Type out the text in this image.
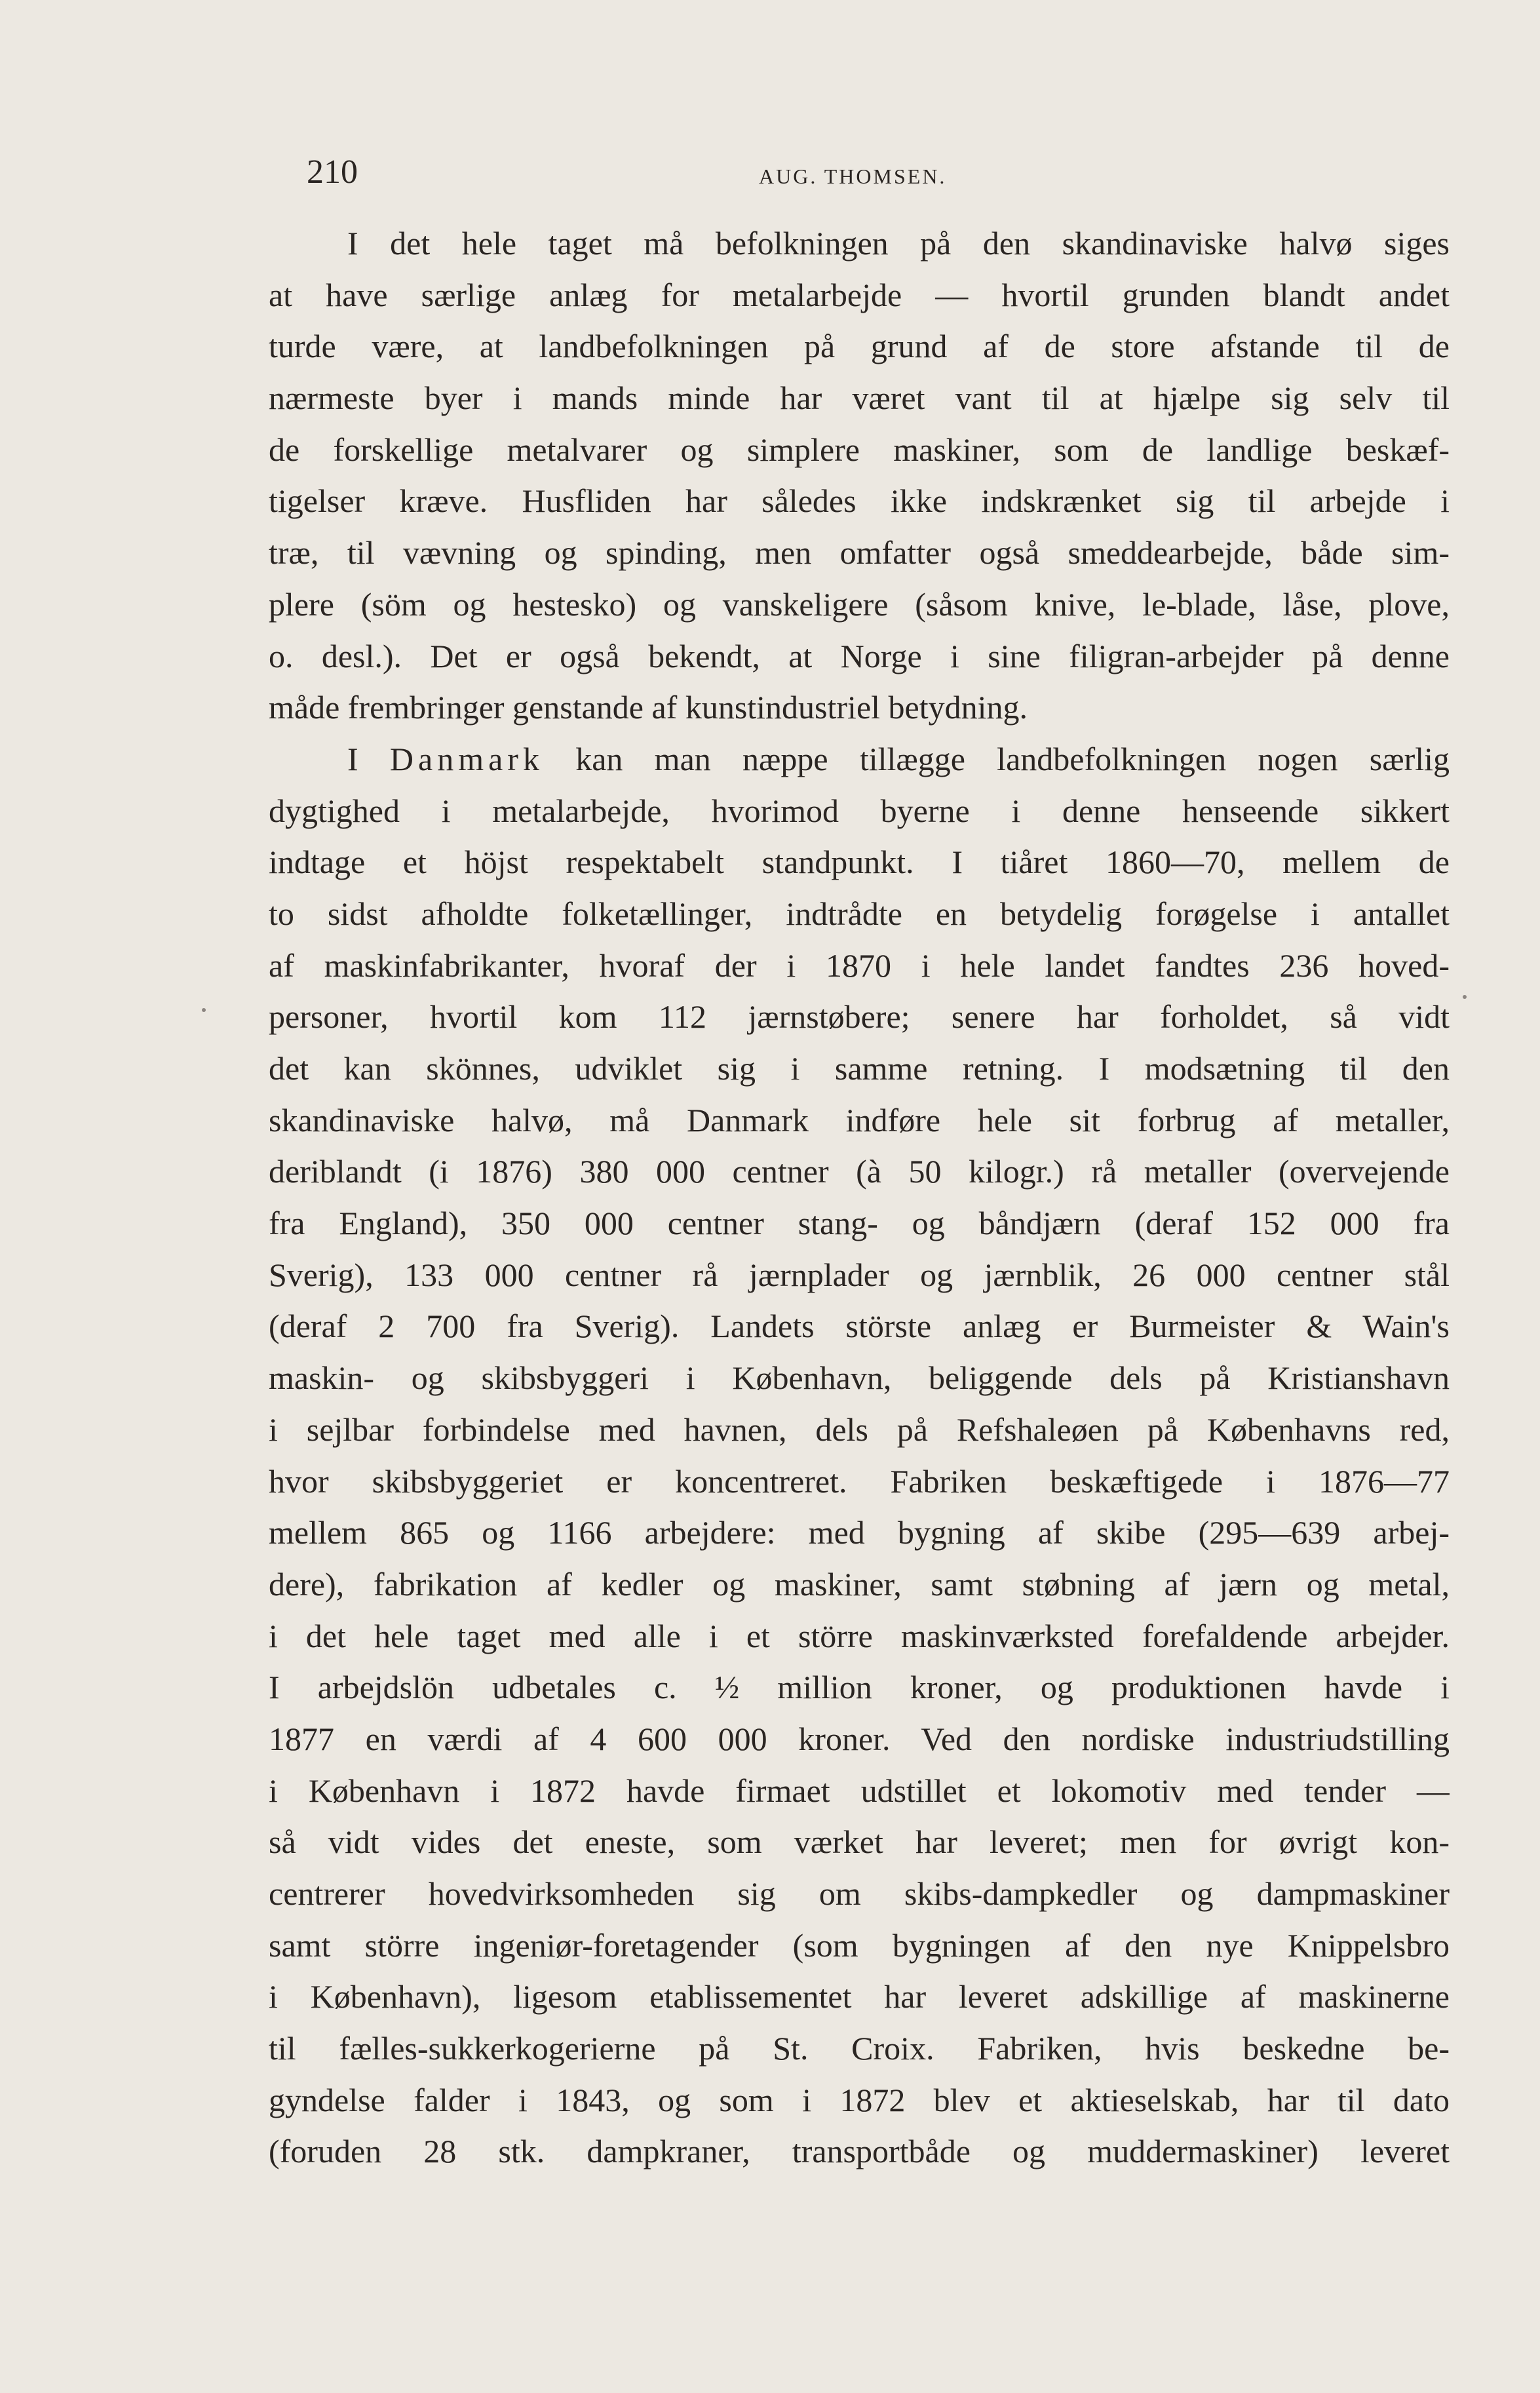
210	AUG. THOMSEN.
I det hele taget må befolkningen på den skandinaviske halvø siges
at have særlige anlæg for metalarbejde — hvortil grunden blandt andet
turde være, at landbefolkningen på grund af de store afstande til de
nærmeste byer i mands minde har været vant til at hjælpe sig selv til
de forskellige metalvarer og simplere maskiner, som de landlige beskæf-
tigelser kræve. Husfliden har således ikke indskrænket sig til arbejde i
træ, til vævning og spinding, men omfatter også smeddearbejde, både sim-
plere (söm og hestesko) og vanskeligere (såsom knive, le-blade, låse, plove,
o. desl.). Det er også bekendt, at Norge i sine filigran-arbejder på denne
måde frembringer genstande af kunstindustriel betydning.
I Danmark kan man næppe tillægge landbefolkningen nogen særlig
dygtighed i metalarbejde, hvorimod byerne i denne henseende sikkert
indtage et höjst respektabelt standpunkt. I tiåret 1860—70, mellem de
to sidst afholdte folketællinger, indtrådte en betydelig forøgelse i antallet
af maskinfabrikanter, hvoraf der i 1870 i hele landet fandtes 236 hoved-
personer, hvortil kom 112 jærnstøbere; senere har forholdet, så vidt
det kan skönnes, udviklet sig i samme retning. I modsætning til den
skandinaviske halvø, må Danmark indføre hele sit forbrug af metaller,
deriblandt (i 1876) 380 000 centner (à 50 kilogr.) rå metaller (overvejende
fra England), 350 000 centner stang- og båndjærn (deraf 152 000 fra
Sverig), 133 000 centner rå jærnplader og jærnblik, 26 000 centner stål
(deraf 2 700 fra Sverig). Landets störste anlæg er Burmeister & Wain's
maskin- og skibsbyggeri i København, beliggende dels på Kristianshavn
i sejlbar forbindelse med havnen, dels på Refshaleøen på Københavns red,
hvor skibsbyggeriet er koncentreret. Fabriken beskæftigede i 1876—77
mellem 865 og 1166 arbejdere: med bygning af skibe (295—639 arbej-
dere), fabrikation af kedler og maskiner, samt støbning af jærn og metal,
i det hele taget med alle i et större maskinværksted forefaldende arbejder.
I arbejdslön udbetales c. ½ million kroner, og produktionen havde i
1877 en værdi af 4 600 000 kroner. Ved den nordiske industriudstilling
i København i 1872 havde firmaet udstillet et lokomotiv med tender —
så vidt vides det eneste, som værket har leveret; men for øvrigt kon-
centrerer hovedvirksomheden sig om skibs-dampkedler og dampmaskiner
samt större ingeniør-foretagender (som bygningen af den nye Knippelsbro
i København), ligesom etablissementet har leveret adskillige af maskinerne
til fælles-sukkerkogerierne på St. Croix. Fabriken, hvis beskedne be-
gyndelse falder i 1843, og som i 1872 blev et aktieselskab, har til dato
(foruden 28 stk. dampkraner, transportbåde og muddermaskiner) leveret
